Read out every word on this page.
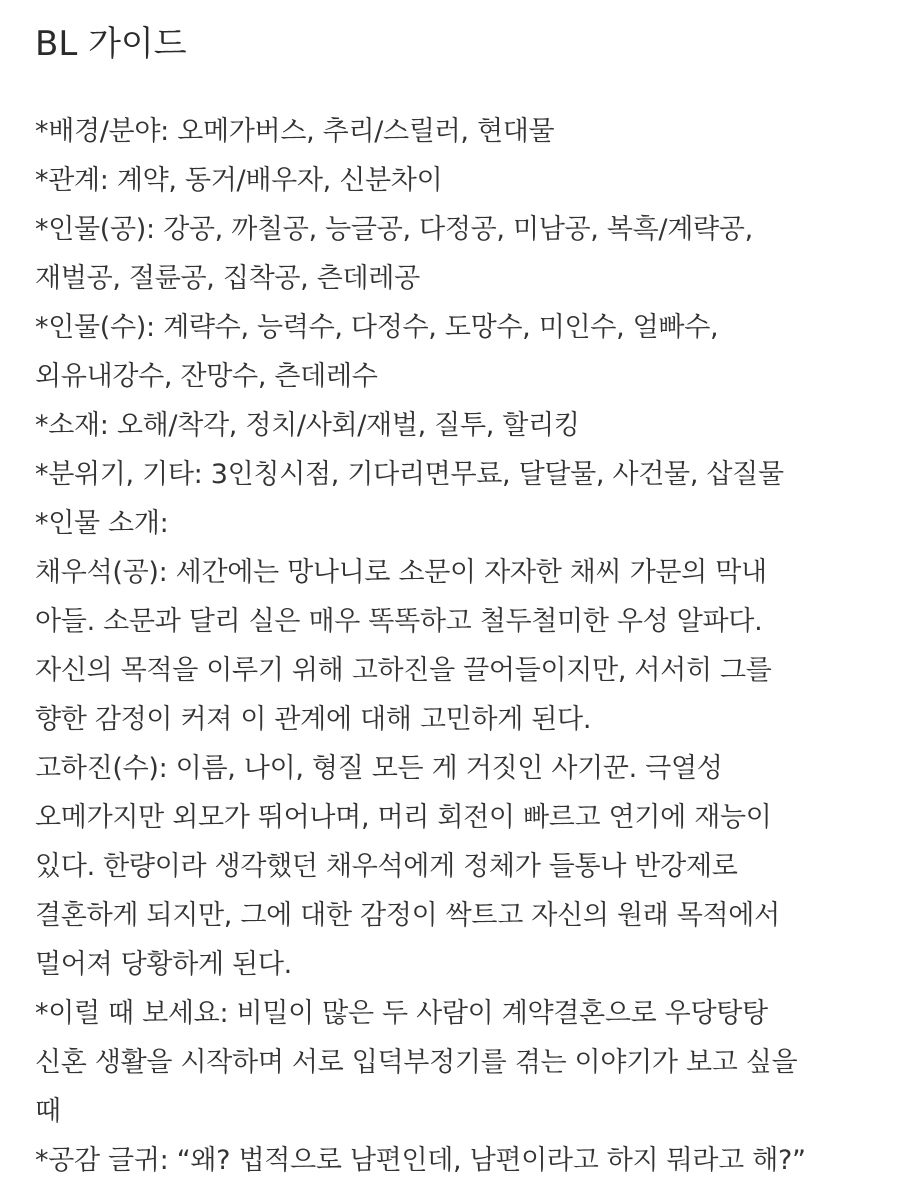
BL 가이드
*배경/분야: 오메가버스, 추리/스릴러, 현대물
*관계: 계약, 동거/배우자, 신분차이
*인물(공): 강공, 까칠공, 능글공, 다정공, 미남공, 복흑/계략공,
재벌공, 절륜공, 집착공, 츤데레공
*인물(수): 계략수, 능력수, 다정수, 도망수, 미인수, 얼빠수,
외유내강수, 잔망수, 츤데레수
*소재: 오해/착각, 정치/사회/재벌, 질투, 할리킹
*분위기, 기타: 3인칭시점, 기다리면무료, 달달물, 사건물, 삽질물
*인물 소개:
채우석(공): 세간에는 망나니로 소문이 자자한 채씨 가문의 막내
아들. 소문과 달리 실은 매우 똑똑하고 철두철미한 우성 알파다.
자신의 목적을 이루기 위해 고하진을 끌어들이지만, 서서히 그를
향한 감정이 커져 이 관계에 대해 고민하게 된다.
고하진(수): 이름, 나이, 형질 모든 게 거짓인 사기꾼. 극열성
오메가지만 외모가 뛰어나며, 머리 회전이 빠르고 연기에 재능이
있다. 한량이라 생각했던 채우석에게 정체가 들통나 반강제로
결혼하게 되지만, 그에 대한 감정이 싹트고 자신의 원래 목적에서
멀어져 당황하게 된다.
*이럴 때 보세요: 비밀이 많은 두 사람이 계약결혼으로 우당탕탕
신혼 생활을 시작하며 서로 입덕부정기를 겪는 이야기가 보고 싶을
때
*공감 글귀: “왜? 법적으로 남편인데, 남편이라고 하지 뭐라고 해?”
